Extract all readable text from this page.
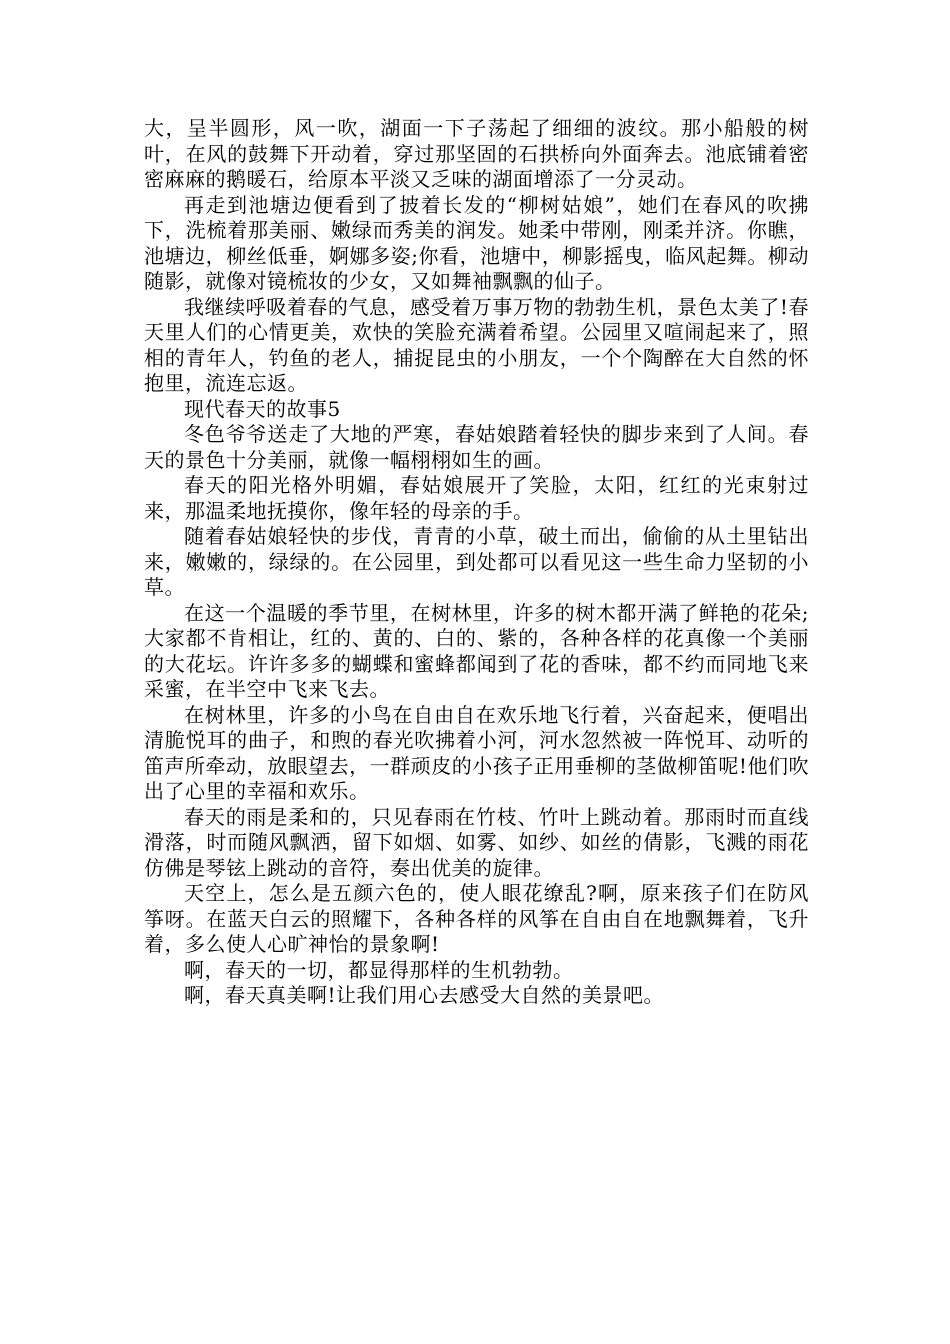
大，呈半圆形，风一吹，湖面一下子荡起了细细的波纹。那小船般的树叶，在风的鼓舞下开动着，穿过那坚固的石拱桥向外面奔去。池底铺着密密麻麻的鹅暖石，给原本平淡又乏味的湖面增添了一分灵动。

再走到池塘边便看到了披着长发的“柳树姑娘”，她们在春风的吹拂下，洗梳着那美丽、嫩绿而秀美的润发。她柔中带刚，刚柔并济。你瞧，池塘边，柳丝低垂，婀娜多姿;你看，池塘中，柳影摇曳，临风起舞。柳动随影，就像对镜梳妆的少女，又如舞袖飘飘的仙子。

我继续呼吸着春的气息，感受着万事万物的勃勃生机，景色太美了!春天里人们的心情更美，欢快的笑脸充满着希望。公园里又喧闹起来了，照相的青年人，钓鱼的老人，捕捉昆虫的小朋友，一个个陶醉在大自然的怀抱里，流连忘返。

现代春天的故事5

冬色爷爷送走了大地的严寒，春姑娘踏着轻快的脚步来到了人间。春天的景色十分美丽，就像一幅栩栩如生的画。

春天的阳光格外明媚，春姑娘展开了笑脸，太阳，红红的光束射过来，那温柔地抚摸你，像年轻的母亲的手。

随着春姑娘轻快的步伐，青青的小草，破土而出，偷偷的从土里钻出来，嫩嫩的，绿绿的。在公园里，到处都可以看见这一些生命力坚韧的小草。

在这一个温暖的季节里，在树林里，许多的树木都开满了鲜艳的花朵;大家都不肯相让，红的、黄的、白的、紫的，各种各样的花真像一个美丽的大花坛。许许多多的蝴蝶和蜜蜂都闻到了花的香味，都不约而同地飞来采蜜，在半空中飞来飞去。

在树林里，许多的小鸟在自由自在欢乐地飞行着，兴奋起来，便唱出清脆悦耳的曲子，和煦的春光吹拂着小河，河水忽然被一阵悦耳、动听的笛声所牵动，放眼望去，一群顽皮的小孩子正用垂柳的茎做柳笛呢!他们吹出了心里的幸福和欢乐。

春天的雨是柔和的，只见春雨在竹枝、竹叶上跳动着。那雨时而直线滑落，时而随风飘洒，留下如烟、如雾、如纱、如丝的倩影，飞溅的雨花仿佛是琴铉上跳动的音符，奏出优美的旋律。

天空上，怎么是五颜六色的，使人眼花缭乱?啊，原来孩子们在防风筝呀。在蓝天白云的照耀下，各种各样的风筝在自由自在地飘舞着，飞升着，多么使人心旷神怡的景象啊!

啊，春天的一切，都显得那样的生机勃勃。

啊，春天真美啊!让我们用心去感受大自然的美景吧。
